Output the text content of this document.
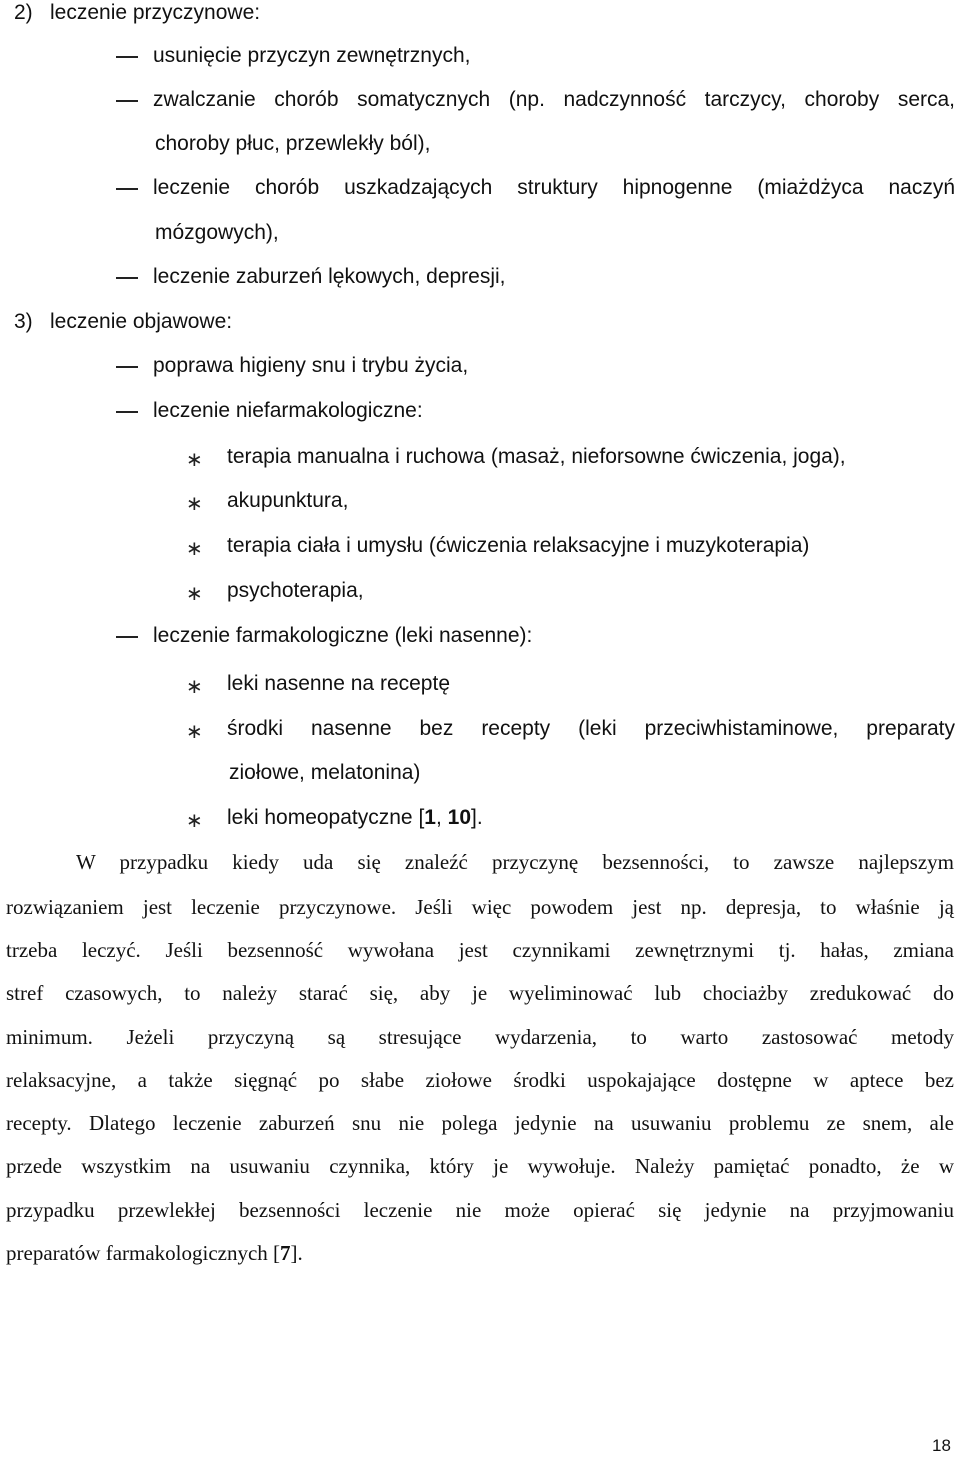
2) leczenie przyczynowe:
usunięcie przyczyn zewnętrznych,
zwalczanie chorób somatycznych (np. nadczynność tarczycy, choroby serca,
choroby płuc, przewlekły ból),
leczenie chorób uszkadzających struktury hipnogenne (miażdżyca naczyń
mózgowych),
leczenie zaburzeń lękowych, depresji,
3) leczenie objawowe:
poprawa higieny snu i trybu życia,
leczenie niefarmakologiczne:
∗ terapia manualna i ruchowa (masaż, nieforsowne ćwiczenia, joga),
∗ akupunktura,
∗ terapia ciała i umysłu (ćwiczenia relaksacyjne i muzykoterapia)
∗ psychoterapia,
leczenie farmakologiczne (leki nasenne):
∗ leki nasenne na receptę
∗ środki nasenne bez recepty (leki przeciwhistaminowe, preparaty
ziołowe, melatonina)
∗ leki homeopatyczne [1, 10].
W przypadku kiedy uda się znaleźć przyczynę bezsenności, to zawsze najlepszym
rozwiązaniem jest leczenie przyczynowe. Jeśli więc powodem jest np. depresja, to właśnie ją
trzeba leczyć. Jeśli bezsenność wywołana jest czynnikami zewnętrznymi tj. hałas, zmiana
stref czasowych, to należy starać się, aby je wyeliminować lub chociażby zredukować do
minimum. Jeżeli przyczyną są stresujące wydarzenia, to warto zastosować metody
relaksacyjne, a także sięgnąć po słabe ziołowe środki uspokajające dostępne w aptece bez
recepty. Dlatego leczenie zaburzeń snu nie polega jedynie na usuwaniu problemu ze snem, ale
przede wszystkim na usuwaniu czynnika, który je wywołuje. Należy pamiętać ponadto, że w
przypadku przewlekłej bezsenności leczenie nie może opierać się jedynie na przyjmowaniu
preparatów farmakologicznych [7].
18
